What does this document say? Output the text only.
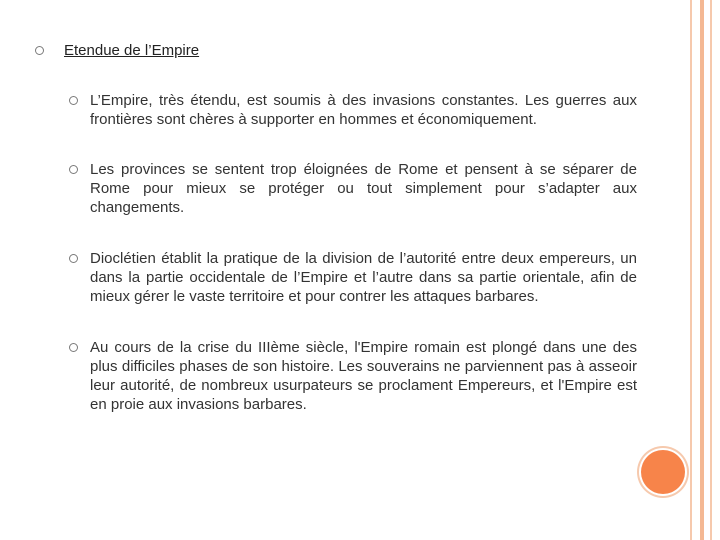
Etendue de l’Empire

L’Empire, très étendu, est soumis à des invasions constantes. Les guerres aux frontières sont chères à supporter en hommes et économiquement.

Les provinces se sentent trop éloignées de Rome et pensent à se séparer de Rome pour mieux se protéger ou tout simplement pour s’adapter aux changements.

Dioclétien établit la pratique de la division de l’autorité entre deux empereurs, un dans la partie occidentale de l’Empire et l’autre dans sa partie orientale, afin de mieux gérer le vaste territoire et pour contrer les attaques barbares.

Au cours de la crise du IIIème siècle, l'Empire romain est plongé dans une des plus difficiles phases de son histoire. Les souverains ne parviennent pas à asseoir leur autorité, de nombreux usurpateurs se proclament Empereurs, et l'Empire est en proie aux invasions barbares.
